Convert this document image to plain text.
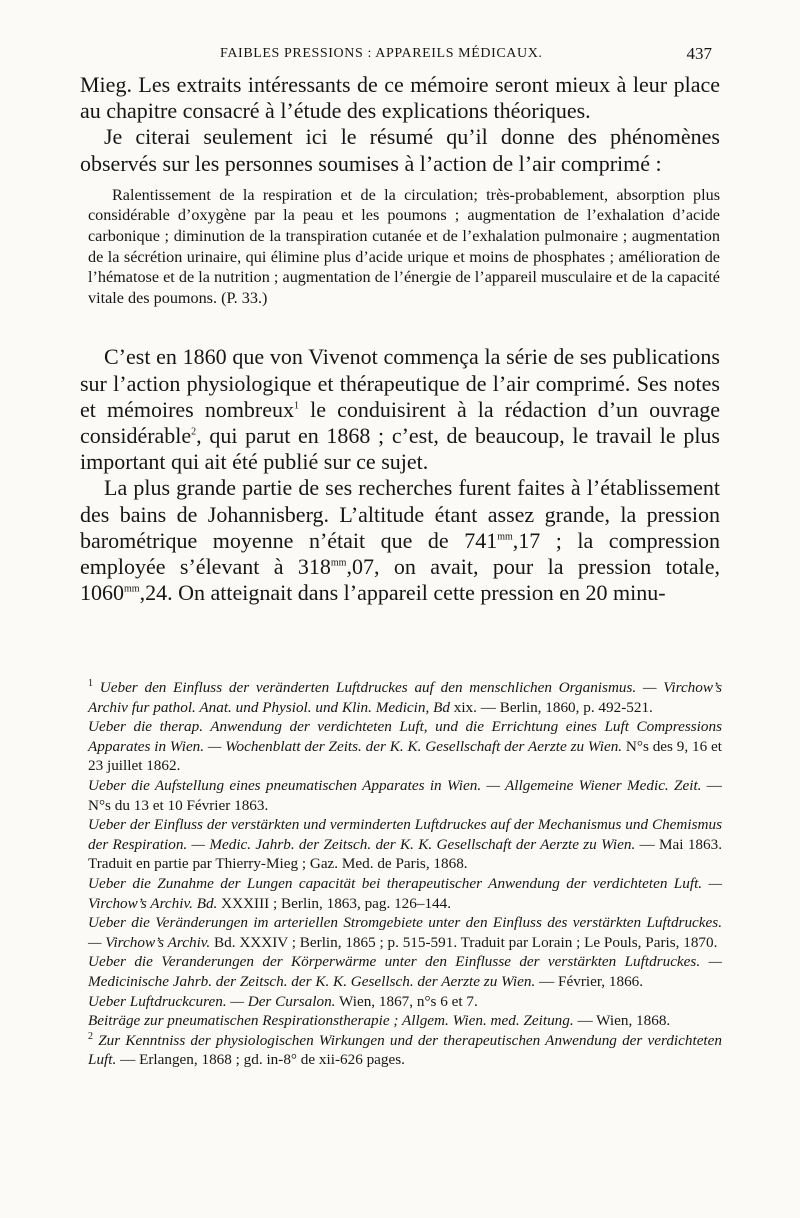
FAIBLES PRESSIONS : APPAREILS MÉDICAUX.	437

Mieg. Les extraits intéressants de ce mémoire seront mieux à leur place au chapitre consacré à l’étude des explications théoriques.

Je citerai seulement ici le résumé qu’il donne des phénomènes observés sur les personnes soumises à l’action de l’air comprimé :

Ralentissement de la respiration et de la circulation; très-probablement, absorption plus considérable d’oxygène par la peau et les poumons ; augmentation de l’exhalation d’acide carbonique ; diminution de la transpiration cutanée et de l’exhalation pulmonaire ; augmentation de la sécrétion urinaire, qui élimine plus d’acide urique et moins de phosphates ; amélioration de l’hématose et de la nutrition ; augmentation de l’énergie de l’appareil musculaire et de la capacité vitale des poumons. (P. 33.)

C’est en 1860 que von Vivenot commença la série de ses publications sur l’action physiologique et thérapeutique de l’air comprimé. Ses notes et mémoires nombreux$^1$ le conduisirent à la rédaction d’un ouvrage considérable$^2$, qui parut en 1868 ; c’est, de beaucoup, le travail le plus important qui ait été publié sur ce sujet.

La plus grande partie de ses recherches furent faites à l’établissement des bains de Johannisberg. L’altitude étant assez grande, la pression barométrique moyenne n’était que de $741^{mm},17$ ; la compression employée s’élevant à $318^{mm},07$, on avait, pour la pression totale, $1060^{mm},24$. On atteignait dans l’appareil cette pression en 20 minu-

$^1$ Ueber den Einfluss der veränderten Luftdruckes auf den menschlichen Organismus. — Virchow’s Archiv fur pathol. Anat. und Physiol. und Klin. Medicin, Bd xix. — Berlin, 1860, p. 492-521.

Ueber die therap. Anwendung der verdichteten Luft, und die Errichtung eines Luft Compressions Apparates in Wien. — Wochenblatt der Zeits. der K. K. Gesellschaft der Aerzte zu Wien. N°s des 9, 16 et 23 juillet 1862.

Ueber die Aufstellung eines pneumatischen Apparates in Wien. — Allgemeine Wiener Medic. Zeit. — N°s du 13 et 10 Février 1863.

Ueber der Einfluss der verstärkten und verminderten Luftdruckes auf der Mechanismus und Chemismus der Respiration. — Medic. Jahrb. der Zeitsch. der K. K. Gesellschaft der Aerzte zu Wien. — Mai 1863. Traduit en partie par Thierry-Mieg ; Gaz. Med. de Paris, 1868.

Ueber die Zunahme der Lungen capacität bei therapeutischer Anwendung der verdichteten Luft. — Virchow’s Archiv. Bd. XXXIII ; Berlin, 1863, pag. 126–144.

Ueber die Veränderungen im arteriellen Stromgebiete unter den Einfluss des verstärkten Luftdruckes. — Virchow’s Archiv. Bd. XXXIV ; Berlin, 1865 ; p. 515-591. Traduit par Lorain ; Le Pouls, Paris, 1870.

Ueber die Veranderungen der Körperwärme unter den Einflusse der verstärkten Luftdruckes. — Medicinische Jahrb. der Zeitsch. der K. K. Gesellsch. der Aerzte zu Wien. — Février, 1866.

Ueber Luftdruckcuren. — Der Cursalon. Wien, 1867, n°s 6 et 7.

Beiträge zur pneumatischen Respirationstherapie ; Allgem. Wien. med. Zeitung. — Wien, 1868.

$^2$ Zur Kenntniss der physiologischen Wirkungen und der therapeutischen Anwendung der verdichteten Luft. — Erlangen, 1868 ; gd. in-8° de xii-626 pages.
